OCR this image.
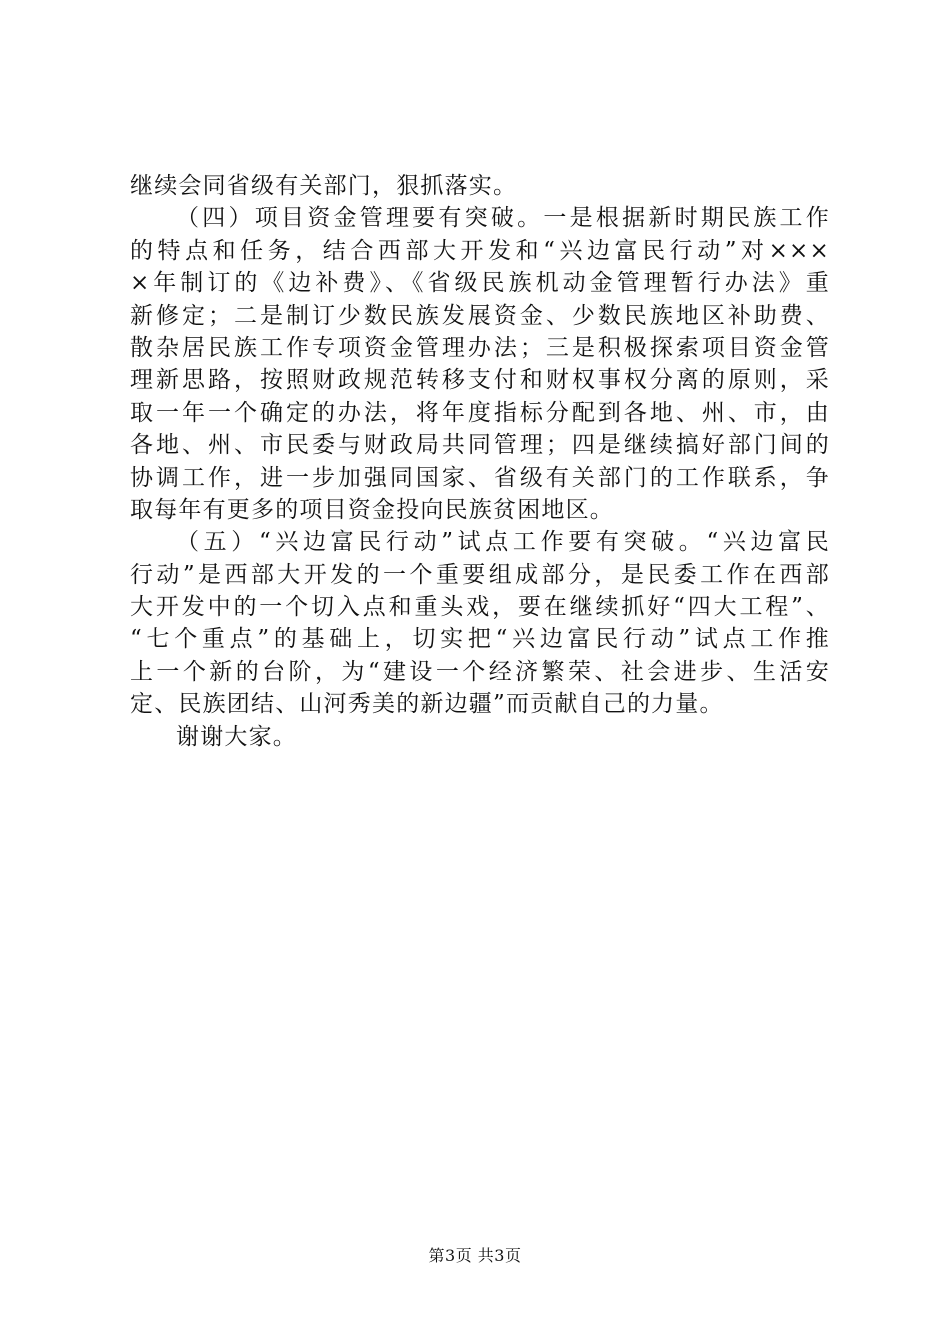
继续会同省级有关部门，狠抓落实。
（四）项目资金管理要有突破。一是根据新时期民族工作
的特点和任务，结合西部大开发和“兴边富民行动”对×××
×年制订的《边补费》、《省级民族机动金管理暂行办法》重
新修定；二是制订少数民族发展资金、少数民族地区补助费、
散杂居民族工作专项资金管理办法；三是积极探索项目资金管
理新思路，按照财政规范转移支付和财权事权分离的原则，采
取一年一个确定的办法，将年度指标分配到各地、州、市，由
各地、州、市民委与财政局共同管理；四是继续搞好部门间的
协调工作，进一步加强同国家、省级有关部门的工作联系，争
取每年有更多的项目资金投向民族贫困地区。
（五）“兴边富民行动”试点工作要有突破。“兴边富民
行动”是西部大开发的一个重要组成部分，是民委工作在西部
大开发中的一个切入点和重头戏，要在继续抓好“四大工程”、
“七个重点”的基础上，切实把“兴边富民行动”试点工作推
上一个新的台阶，为“建设一个经济繁荣、社会进步、生活安
定、民族团结、山河秀美的新边疆”而贡献自己的力量。
谢谢大家。
第3页 共3页
